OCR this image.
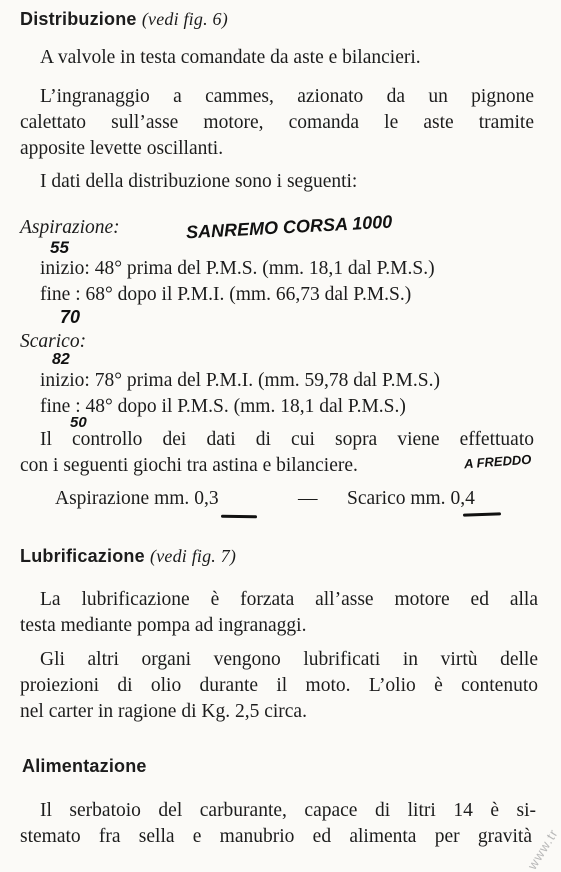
Distribuzione (vedi fig. 6)
A valvole in testa comandate da aste e bilancieri.
L’ingranaggio a cammes, azionato da un pignone
calettato sull’asse motore, comanda le aste tramite
apposite levette oscillanti.
I dati della distribuzione sono i seguenti:
Aspirazione:	SANREMO CORSA 1000
55
inizio: 48° prima del P.M.S. (mm. 18,1 dal P.M.S.)
fine : 68° dopo il P.M.I. (mm. 66,73 dal P.M.S.)
70
Scarico:
82
inizio: 78° prima del P.M.I. (mm. 59,78 dal P.M.S.)
fine : 48° dopo il P.M.S. (mm. 18,1 dal P.M.S.)
50
Il controllo dei dati di cui sopra viene effettuato
con i seguenti giochi tra astina e bilanciere.	A FREDDO
Aspirazione mm. 0,3	— Scarico mm. 0,4
Lubrificazione (vedi fig. 7)
La lubrificazione è forzata all’asse motore ed alla
testa mediante pompa ad ingranaggi.
Gli altri organi vengono lubrificati in virtù delle
proiezioni di olio durante il moto. L’olio è contenuto
nel carter in ragione di Kg. 2,5 circa.
Alimentazione
Il serbatoio del carburante, capace di litri 14 è si-
stemato fra sella e manubrio ed alimenta per gravità
www.tr
